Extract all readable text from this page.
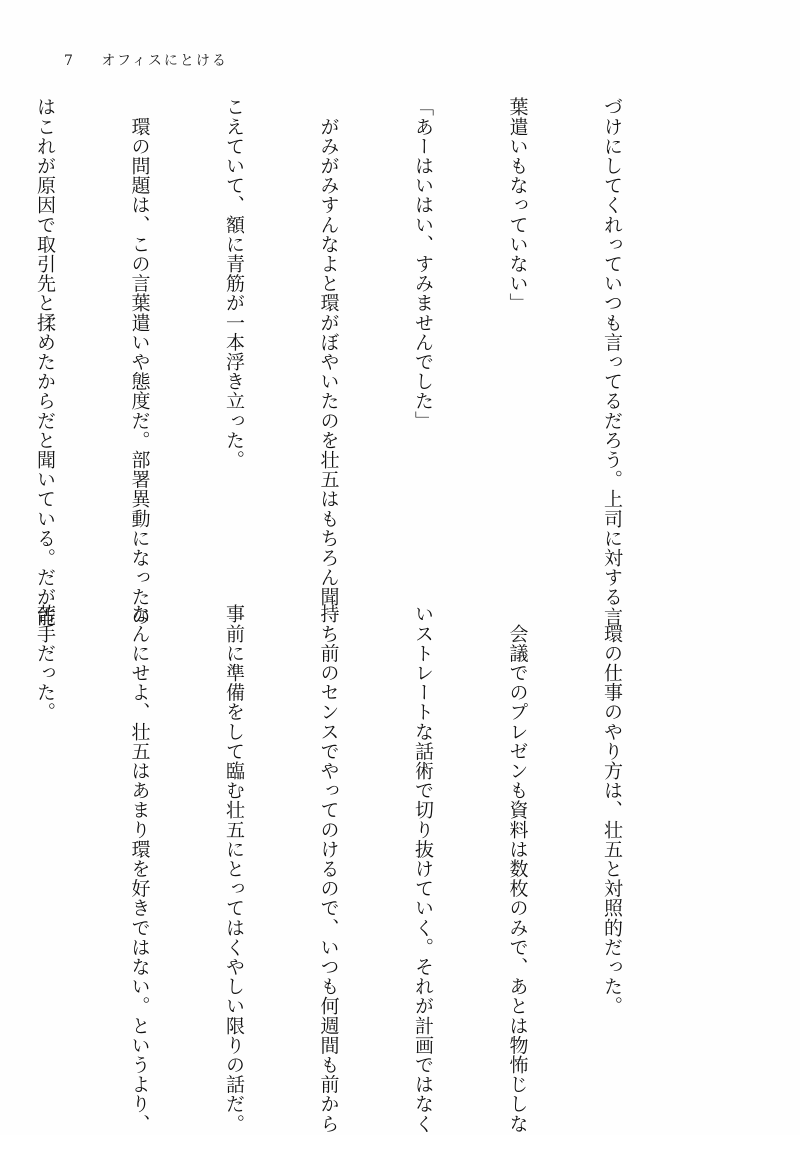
7 オフィスにとける

づけにしてくれっていつも言ってるだろう。上司に対する言

葉遣いもなっていない」

「あーはいはい、すみませんでした」

　がみがみすんなよと環がぼやいたのを壮五はもちろん聞

こえていて、額に青筋が一本浮き立った。

　環の問題は、この言葉遣いや態度だ。部署異動になったの

はこれが原因で取引先と揉めたからだと聞いている。だが能

　環の仕事のやり方は、壮五と対照的だった。

　会議でのプレゼンも資料は数枚のみで、あとは物怖じしな

いストレートな話術で切り抜けていく。それが計画ではなく

持ち前のセンスでやってのけるので、いつも何週間も前から

事前に準備をして臨む壮五にとってはくやしい限りの話だ。

なんにせよ、壮五はあまり環を好きではない。というより、

苦手だった。
